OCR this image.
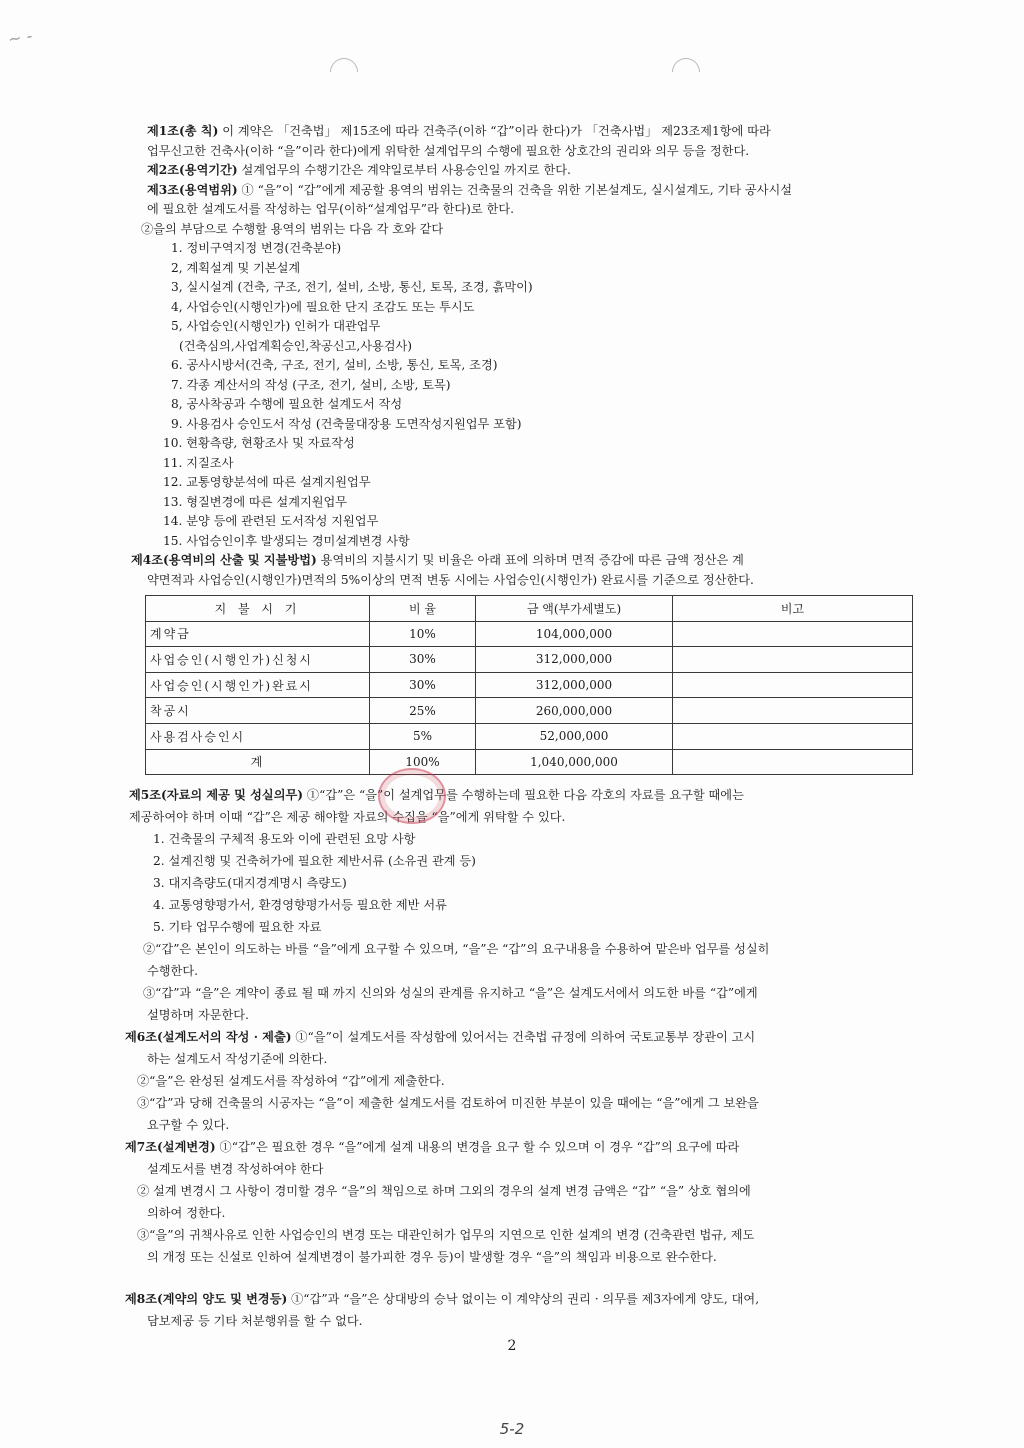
~ -
제1조(총 칙) 이 계약은 「건축법」 제15조에 따라 건축주(이하 “갑”이라 한다)가 「건축사법」 제23조제1항에 따라
업무신고한 건축사(이하 “을”이라 한다)에게 위탁한 설계업무의 수행에 필요한 상호간의 권리와 의무 등을 정한다.
제2조(용역기간) 설계업무의 수행기간은 계약일로부터 사용승인일 까지로 한다.
제3조(용역범위) ① “을”이 “갑”에게 제공할 용역의 범위는 건축물의 건축을 위한 기본설계도, 실시설계도, 기타 공사시설
에 필요한 설계도서를 작성하는 업무(이하“설계업무”라 한다)로 한다.
②을의 부담으로 수행할 용역의 범위는 다음 각 호와 같다
1. 정비구역지정 변경(건축분야)
2, 계획설계 및 기본설계
3, 실시설계 (건축, 구조, 전기, 설비, 소방, 통신, 토목, 조경, 흙막이)
4, 사업승인(시행인가)에 필요한 단지 조감도 또는 투시도
5, 사업승인(시행인가) 인허가 대관업무
(건축심의,사업계획승인,착공신고,사용검사)
6. 공사시방서(건축, 구조, 전기, 설비, 소방, 통신, 토목, 조경)
7. 각종 계산서의 작성 (구조, 전기, 설비, 소방, 토목)
8, 공사착공과 수행에 필요한 설계도서 작성
9. 사용검사 승인도서 작성 (건축물대장용 도면작성지원업무 포함)
10. 현황측량, 현황조사 및 자료작성
11. 지질조사
12. 교통영향분석에 따른 설계지원업무
13. 형질변경에 따른 설계지원업무
14. 분양 등에 관련된 도서작성 지원업무
15. 사업승인이후 발생되는 경미설계변경 사항
제4조(용역비의 산출 및 지불방법) 용역비의 지불시기 및 비율은 아래 표에 의하며 면적 증감에 따른 금액 정산은 계
약면적과 사업승인(시행인가)면적의 5%이상의 면적 변동 시에는 사업승인(시행인가) 완료시를 기준으로 정산한다.
지 불 시 기	비 율	금 액(부가세별도)	비고
계약금	10%	104,000,000	
사업승인(시행인가)신청시	30%	312,000,000	
사업승인(시행인가)완료시	30%	312,000,000	
착공시	25%	260,000,000	
사용검사승인시	5%	52,000,000	
계	100%	1,040,000,000	
제5조(자료의 제공 및 성실의무) ①“갑”은 “을”이 설계업무를 수행하는데 필요한 다음 각호의 자료를 요구할 때에는
제공하여야 하며 이때 “갑”은 제공 해야할 자료의 수집을 “을”에게 위탁할 수 있다.
1. 건축물의 구체적 용도와 이에 관련된 요망 사항
2. 설계진행 및 건축허가에 필요한 제반서류 (소유권 관계 등)
3. 대지측량도(대지경계명시 측량도)
4. 교통영향평가서, 환경영향평가서등 필요한 제반 서류
5. 기타 업무수행에 필요한 자료
②“갑”은 본인이 의도하는 바를 “을”에게 요구할 수 있으며, “을”은 “갑”의 요구내용을 수용하여 맡은바 업무를 성실히
수행한다.
③“갑”과 “을”은 계약이 종료 될 때 까지 신의와 성실의 관계를 유지하고 “을”은 설계도서에서 의도한 바를 “갑”에게
설명하며 자문한다.
제6조(설계도서의 작성 · 제출) ①“을”이 설계도서를 작성함에 있어서는 건축법 규정에 의하여 국토교통부 장관이 고시
하는 설계도서 작성기준에 의한다.
②“을”은 완성된 설계도서를 작성하여 “갑”에게 제출한다.
③“갑”과 당해 건축물의 시공자는 “을”이 제출한 설계도서를 검토하여 미진한 부분이 있을 때에는 “을”에게 그 보완을
요구할 수 있다.
제7조(설계변경) ①“갑”은 필요한 경우 “을”에게 설계 내용의 변경을 요구 할 수 있으며 이 경우 “갑”의 요구에 따라
설계도서를 변경 작성하여야 한다
② 설계 변경시 그 사항이 경미할 경우 “을”의 책임으로 하며 그외의 경우의 설계 변경 금액은 “갑” “을” 상호 협의에
의하여 정한다.
③“을”의 귀책사유로 인한 사업승인의 변경 또는 대관인허가 업무의 지연으로 인한 설계의 변경 (건축관련 법규, 제도
의 개정 또는 신설로 인하여 설계변경이 불가피한 경우 등)이 발생할 경우 “을”의 책임과 비용으로 완수한다.
제8조(계약의 양도 및 변경등) ①“갑”과 “을”은 상대방의 승낙 없이는 이 계약상의 권리 · 의무를 제3자에게 양도, 대여,
담보제공 등 기타 처분행위를 할 수 없다.
2
5-2
